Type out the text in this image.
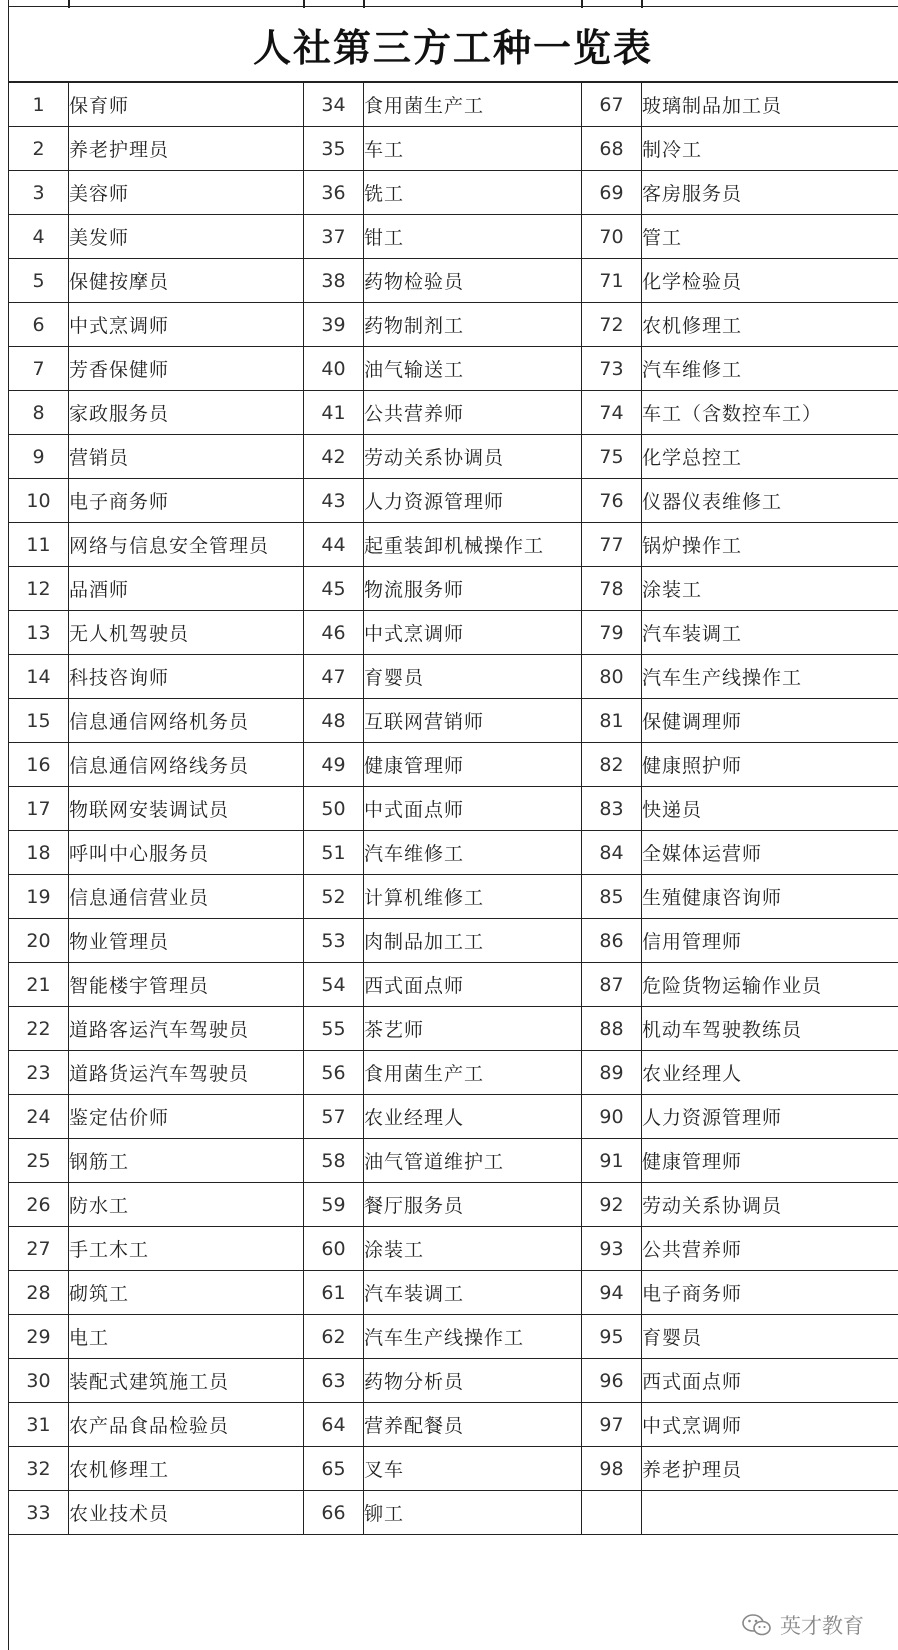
人社第三方工种一览表
1	保育师	34	食用菌生产工	67	玻璃制品加工员
2	养老护理员	35	车工	68	制冷工
3	美容师	36	铣工	69	客房服务员
4	美发师	37	钳工	70	管工
5	保健按摩员	38	药物检验员	71	化学检验员
6	中式烹调师	39	药物制剂工	72	农机修理工
7	芳香保健师	40	油气输送工	73	汽车维修工
8	家政服务员	41	公共营养师	74	车工（含数控车工）
9	营销员	42	劳动关系协调员	75	化学总控工
10	电子商务师	43	人力资源管理师	76	仪器仪表维修工
11	网络与信息安全管理员	44	起重装卸机械操作工	77	锅炉操作工
12	品酒师	45	物流服务师	78	涂装工
13	无人机驾驶员	46	中式烹调师	79	汽车装调工
14	科技咨询师	47	育婴员	80	汽车生产线操作工
15	信息通信网络机务员	48	互联网营销师	81	保健调理师
16	信息通信网络线务员	49	健康管理师	82	健康照护师
17	物联网安装调试员	50	中式面点师	83	快递员
18	呼叫中心服务员	51	汽车维修工	84	全媒体运营师
19	信息通信营业员	52	计算机维修工	85	生殖健康咨询师
20	物业管理员	53	肉制品加工工	86	信用管理师
21	智能楼宇管理员	54	西式面点师	87	危险货物运输作业员
22	道路客运汽车驾驶员	55	茶艺师	88	机动车驾驶教练员
23	道路货运汽车驾驶员	56	食用菌生产工	89	农业经理人
24	鉴定估价师	57	农业经理人	90	人力资源管理师
25	钢筋工	58	油气管道维护工	91	健康管理师
26	防水工	59	餐厅服务员	92	劳动关系协调员
27	手工木工	60	涂装工	93	公共营养师
28	砌筑工	61	汽车装调工	94	电子商务师
29	电工	62	汽车生产线操作工	95	育婴员
30	装配式建筑施工员	63	药物分析员	96	西式面点师
31	农产品食品检验员	64	营养配餐员	97	中式烹调师
32	农机修理工	65	叉车	98	养老护理员
33	农业技术员	66	铆工		
英才教育
